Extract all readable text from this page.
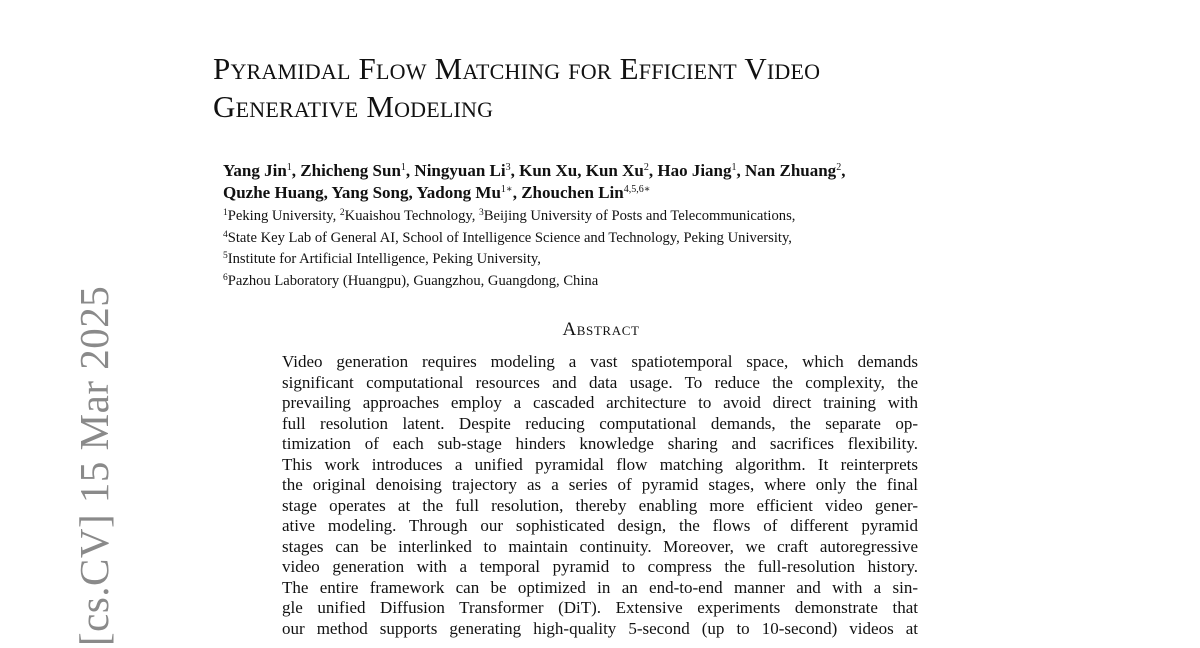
[cs.CV] 15 Mar 2025
Pyramidal Flow Matching for Efficient Video
Generative Modeling
Yang Jin$^1$, Zhicheng Sun$^1$, Ningyuan Li$^3$, Kun Xu, Kun Xu$^2$, Hao Jiang$^1$, Nan Zhuang$^2$,
Quzhe Huang, Yang Song, Yadong $Mu^{1∗}$, Zhouchen Lin$^{4,5,6∗}$
$^1$Peking University, $^2$Kuaishou Technology, $^3$Beijing University of Posts and Telecommunications,
$^4$State Key Lab of General AI, School of Intelligence Science and Technology, Peking University,
$^5$Institute for Artificial Intelligence, Peking University,
$^6$Pazhou Laboratory (Huangpu), Guangzhou, Guangdong, China
Abstract
Video generation requires modeling a vast spatiotemporal space, which demands
significant computational resources and data usage. To reduce the complexity, the
prevailing approaches employ a cascaded architecture to avoid direct training with
full resolution latent. Despite reducing computational demands, the separate op-
timization of each sub-stage hinders knowledge sharing and sacrifices flexibility.
This work introduces a unified pyramidal flow matching algorithm. It reinterprets
the original denoising trajectory as a series of pyramid stages, where only the final
stage operates at the full resolution, thereby enabling more efficient video gener-
ative modeling. Through our sophisticated design, the flows of different pyramid
stages can be interlinked to maintain continuity. Moreover, we craft autoregressive
video generation with a temporal pyramid to compress the full-resolution history.
The entire framework can be optimized in an end-to-end manner and with a sin-
gle unified Diffusion Transformer (DiT). Extensive experiments demonstrate that
our method supports generating high-quality 5-second (up to 10-second) videos at
